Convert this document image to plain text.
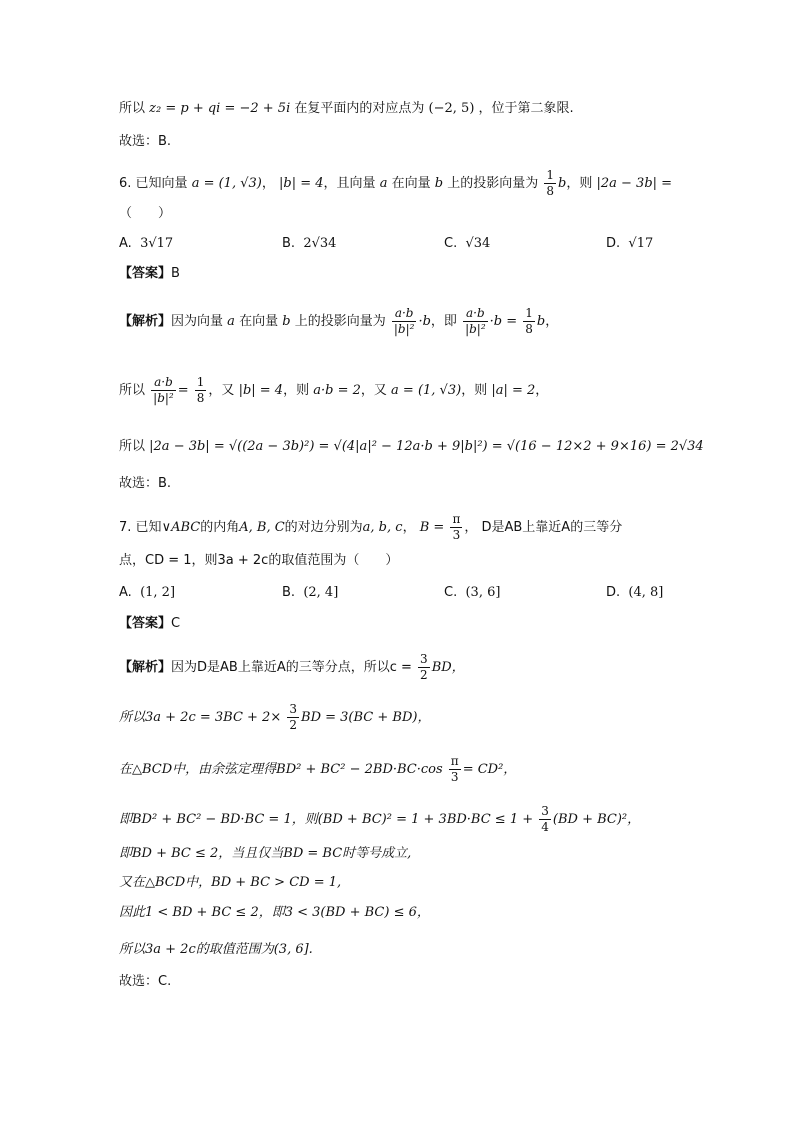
所以 z₂ = p + qi = −2 + 5i 在复平面内的对应点为 (−2, 5) ，位于第二象限.
故选：B.
6. 已知向量 a = (1, √3)， |b| = 4，且向量 a 在向量 b 上的投影向量为 $\frac{1}{8}$ b，则 |2a − 3b| =
（　　）
A. 3√17	B. 2√34	C. √34	D. √17
【答案】B
【解析】因为向量 a 在向量 b 上的投影向量为 $\frac{a\cdot b}{\text{|b|²}} \cdot b$，即 $\frac{a\cdot b}{\text{|b|²}} \cdot b = \frac{1}{8}$ b，
所以 $\frac{a\cdot b}{\text{|b|²}} = \frac{1}{8}$ ，又 |b| = 4，则 a·b = 2，又 a = (1, √3)，则 |a| = 2，
所以 |2a − 3b| = √((2a − 3b)²) = √(4|a|² − 12a·b + 9|b|²) = √(16 − 12×2 + 9×16) = 2√34
故选：B.
7. 已知∨ABC的内角A, B, C的对边分别为a, b, c， $B = \frac{\pi}{3}$ ， D是AB上靠近A的三等分
点，CD = 1，则3a + 2c的取值范围为（　　）
A. (1, 2]	B. (2, 4]	C. (3, 6]	D. (4, 8]
【答案】C
【解析】因为D是AB上靠近A的三等分点，所以$c = \frac{3}{2}$ BD，
所以$3a + 2c = 3BC + 2\times \frac{3}{2}$ BD = 3(BC + BD)，
在△BCD中，由余弦定理得$BD^2 + BC^2 - 2BD\cdot BC\cdot\cos \frac{\pi}{3} = CD^2$，
即BD² + BC² − BD·BC = 1，则$(BD + BC)^2 = 1 + 3BD\cdot BC \le 1 + \frac{3}{4} (BD + BC)^2$，
即BD + BC ≤ 2，当且仅当BD = BC时等号成立,
又在△BCD中，BD + BC > CD = 1,
因此1 < BD + BC ≤ 2，即3 < 3(BD + BC) ≤ 6，
所以3a + 2c的取值范围为(3, 6].
故选：C.
